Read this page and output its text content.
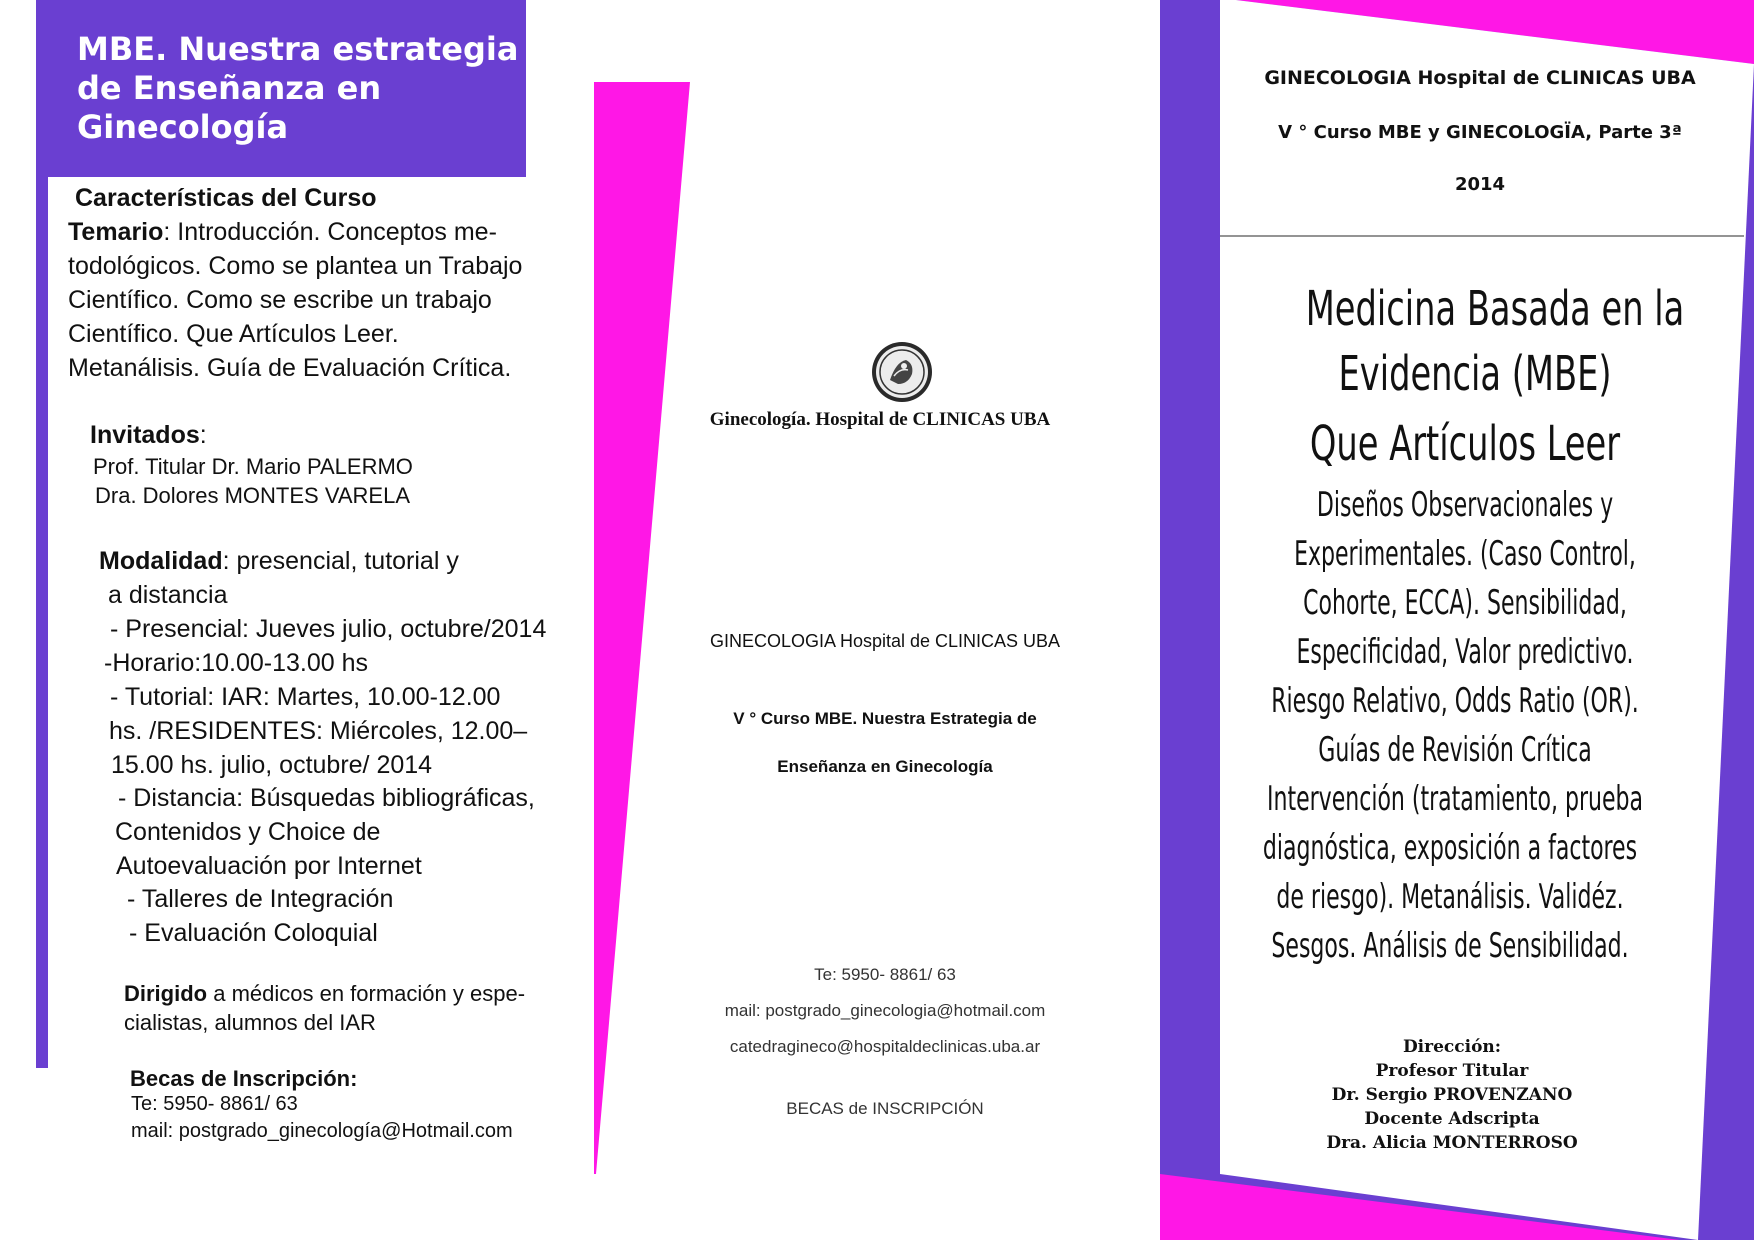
MBE. Nuestra estrategia
de Enseñanza en
Ginecología
Características del Curso
Temario: Introducción. Conceptos me-
todológicos. Como se plantea un Trabajo
Científico. Como se escribe un trabajo
Científico. Que Artículos Leer.
Metanálisis. Guía de Evaluación Crítica.
Invitados:
Prof. Titular Dr. Mario PALERMO
Dra. Dolores MONTES VARELA
Modalidad: presencial, tutorial y
a distancia
- Presencial: Jueves julio, octubre/2014
-Horario:10.00-13.00 hs
- Tutorial: IAR: Martes, 10.00-12.00
hs. /RESIDENTES: Miércoles, 12.00–
15.00 hs. julio, octubre/ 2014
- Distancia: Búsquedas bibliográficas,
Contenidos y Choice de
Autoevaluación por Internet
- Talleres de Integración
- Evaluación Coloquial
Dirigido a médicos en formación y espe-
cialistas, alumnos del IAR
Becas de Inscripción:
Te: 5950- 8861/ 63
mail: postgrado_ginecología@Hotmail.com
Ginecología. Hospital de CLINICAS UBA
GINECOLOGIA Hospital de CLINICAS UBA
V ° Curso MBE. Nuestra Estrategia de
Enseñanza en Ginecología
Te: 5950- 8861/ 63
mail: postgrado_ginecologia@hotmail.com
catedragineco@hospitaldeclinicas.uba.ar
BECAS de INSCRIPCIÓN
GINECOLOGIA Hospital de CLINICAS UBA
V ° Curso MBE y GINECOLOGÏA, Parte 3ª
2014
Medicina Basada en la
Evidencia (MBE)
Que Artículos Leer
Diseños Observacionales y
Experimentales. (Caso Control,
Cohorte, ECCA). Sensibilidad,
Especificidad, Valor predictivo.
Riesgo Relativo, Odds Ratio (OR).
Guías de Revisión Crítica
Intervención (tratamiento, prueba
diagnóstica, exposición a factores
de riesgo). Metanálisis. Validéz.
Sesgos. Análisis de Sensibilidad.
Dirección:
Profesor Titular
Dr. Sergio PROVENZANO
Docente Adscripta
Dra. Alicia MONTERROSO
